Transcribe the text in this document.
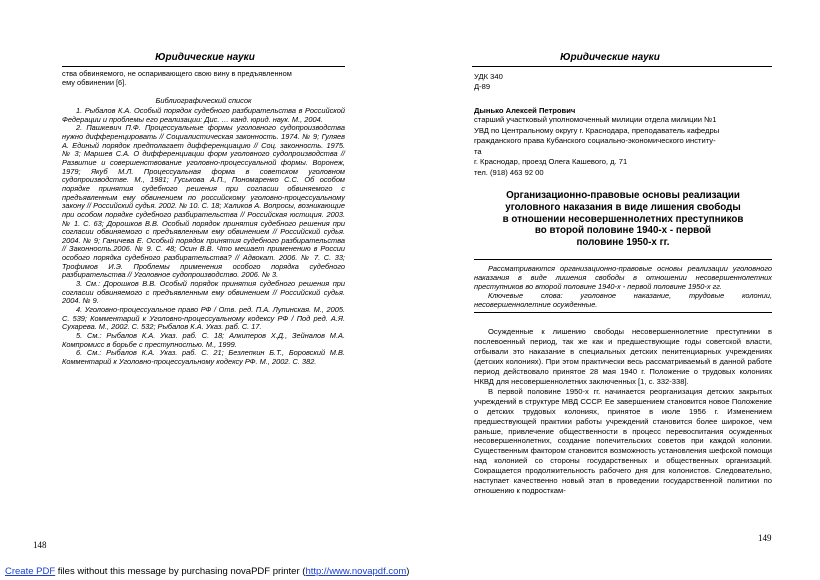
Юридические науки

ства обвиняемого, не оспаривающего свою вину в предъявленном

ему обвинении [6].

Библиографический список

1. Рыбалов К.А. Особый порядок судебного разбирательства в Российской Федерации и проблемы его реализации: Дис. … канд. юрид. наук. М., 2004.

2. Пашкевич П.Ф. Процессуальные формы уголовного судопроизводства нужно дифференцировать // Социалистическая законность. 1974. № 9; Гуляев А. Единый порядок предполагает дифференциацию // Соц. законность. 1975. № 3; Маршев С.А. О дифференциации форм уголовного судопроизводства // Развитие и совершенствование уголовно-процессуальной формы. Воронеж, 1979; Якуб М.Л. Процессуальная форма в советском уголовном судопроизводстве. М., 1981; Гуськова А.П., Пономаренко С.С. Об особом порядке принятия судебного решения при согласии обвиняемого с предъявленным ему обвинением по российскому уголовно-процессуальному закону // Российский судья. 2002. № 10. С. 18; Халиков А. Вопросы, возникающие при особом порядке судебного разбирательства // Российская юстиция. 2003. № 1. С. 63; Дорошков В.В. Особый порядок принятия судебного решения при согласии обвиняемого с предъявленным ему обвинением // Российский судья. 2004. № 9; Ганичева Е. Особый порядок принятия судебного разбирательства // Законность.2006. № 9. С. 48; Осин В.В. Что мешает применению в России особого порядка судебного разбирательства? // Адвокат. 2006. № 7. С. 33; Трофимов И.Э. Проблемы применения особого порядка судебного разбирательства // Уголовное судопроизводство. 2006. № 3.

3. См.: Дорошков В.В. Особый порядок принятия судебного решения при согласии обвиняемого с предъявленным ему обвинением // Российский судья. 2004. № 9.

4. Уголовно-процессуальное право РФ / Отв. ред. П.А. Лупинская. М., 2005. С. 539; Комментарий к Уголовно-процессуальному кодексу РФ / Под ред. А.Я. Сухарева. М., 2002. С. 532; Рыбалов К.А. Указ. раб. С. 17.

5. См.: Рыбалов К.А. Указ. раб. С. 18; Алкиперов Х.Д., Зейналов М.А. Компромисс в борьбе с преступностью. М., 1999.

6. См.: Рыбалов К.А. Указ. раб. С. 21; Безлепкин Б.Т., Боровский М.В. Комментарий к Уголовно-процессуальному кодексу РФ. М., 2002. С. 382.

148
Юридические науки
УДК 340
Д-89
Дынько Алексей Петрович
старший участковый уполномоченный милиции отдела милиции №1
УВД по Центральному округу г. Краснодара, преподаватель кафедры
гражданского права Кубанского социально-экономического институ-
та
г. Краснодар, проезд Олега Кашевого, д. 71
тел. (918) 463 92 00
Организационно-правовые основы реализации
уголовного наказания в виде лишения свободы
в отношении несовершеннолетних преступников
во второй половине 1940-х - первой
половине 1950-х гг.

Рассматриваются организационно-правовые основы реализации уголовного наказания в виде лишения свободы в отношении несовершеннолетних преступников во второй половине 1940-х - первой половине 1950-х гг.

Ключевые слова: уголовное наказание, трудовые колонии, несовершеннолетние осужденные.

Осужденные к лишению свободы несовершеннолетние преступники в послевоенный период, так же как и предшествующие годы советской власти, отбывали это наказание в специальных детских пенитенциарных учреждениях (детских колониях). При этом практически весь рассматриваемый в данной работе период действовало принятое 28 мая 1940 г. Положение о трудовых колониях НКВД для несовершеннолетних заключенных [1, с. 332-338].

В первой половине 1950-х гг. начинается реорганизация детских закрытых учреждений в структуре МВД СССР. Ее завершением становится новое Положение о детских трудовых колониях, принятое в июле 1956 г. Изменением предшествующей практики работы учреждений становится более широкое, чем раньше, привлечение общественности в процесс перевоспитания осужденных несовершеннолетних, создание попечительских советов при каждой колонии. Существенным фактором становится возможность установления шефской помощи над колонией со стороны государственных и общественных организаций. Сокращается продолжительность рабочего дня для колонистов. Следовательно, наступает качественно новый этап в проведении государственной политики по отношению к подросткам-

149
Create PDF files without this message by purchasing novaPDF printer (http://www.novapdf.com)
